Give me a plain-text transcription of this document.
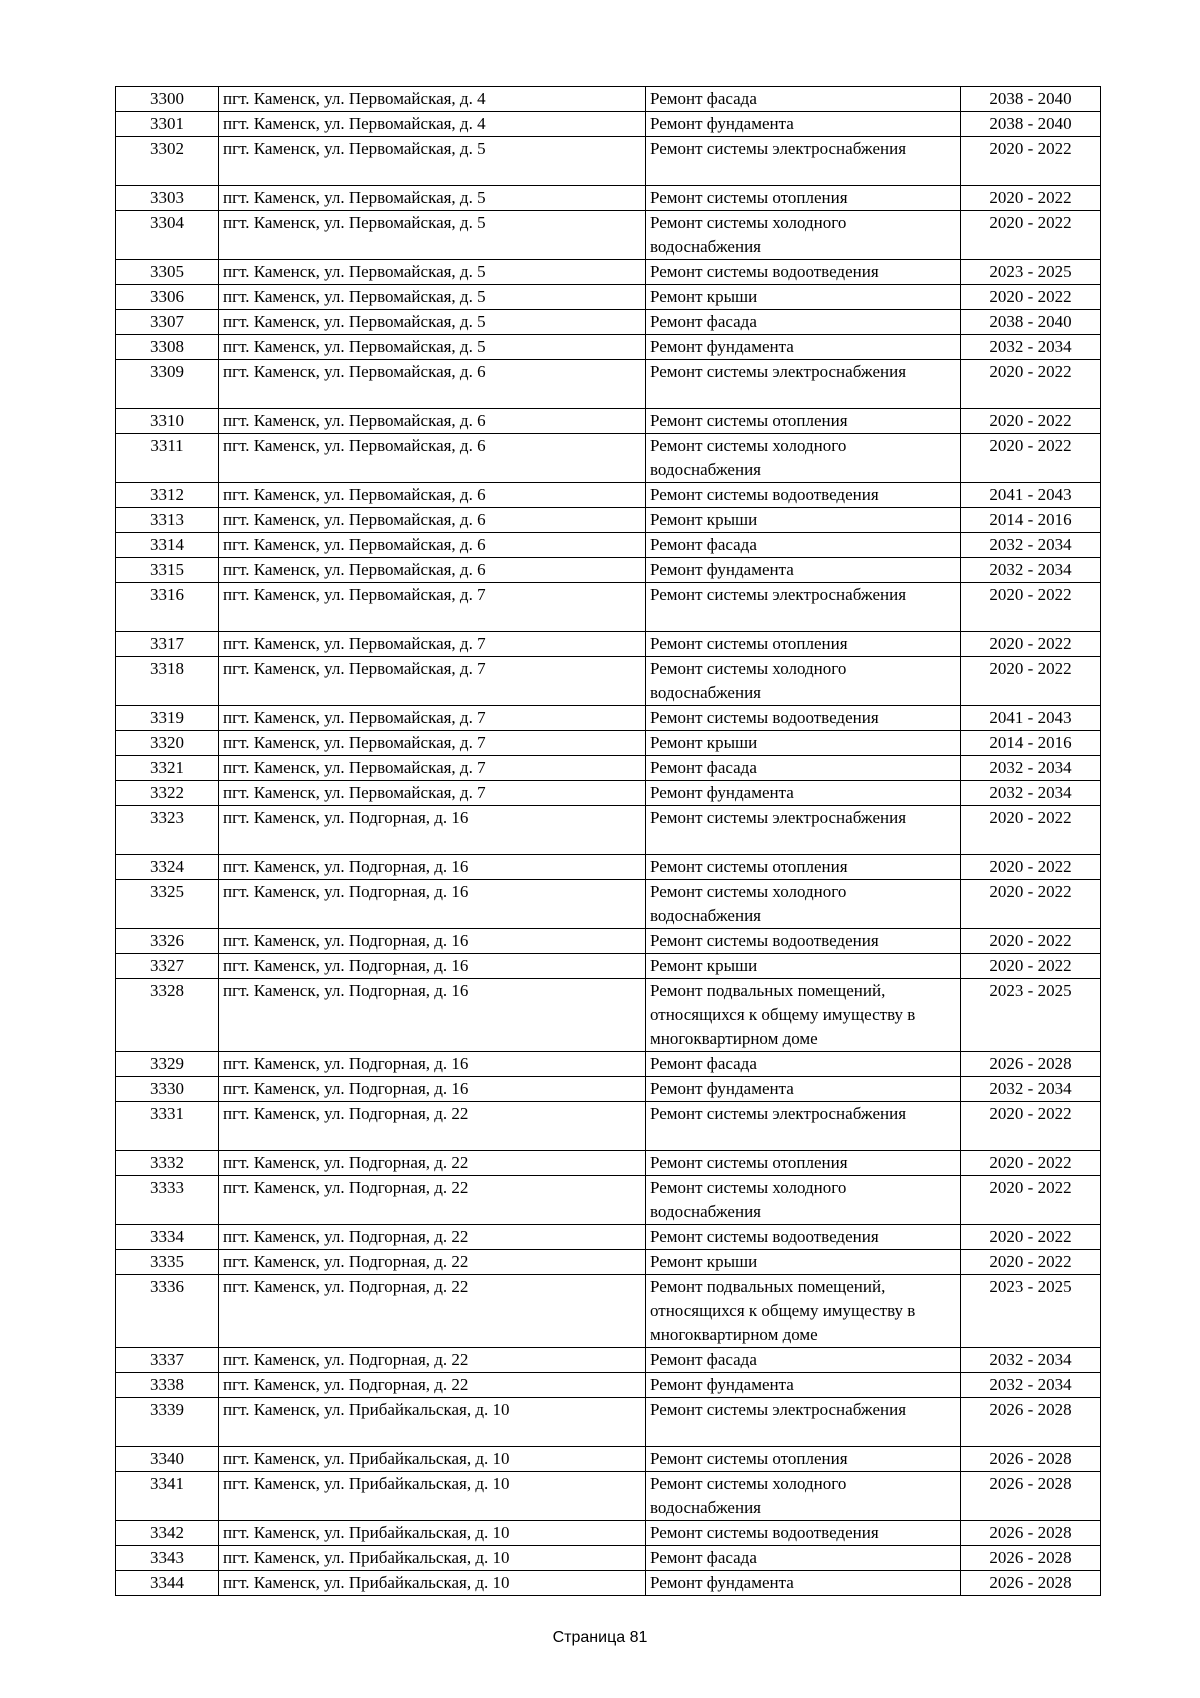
3300	пгт. Каменск, ул. Первомайская, д. 4	Ремонт фасада	2038 - 2040
3301	пгт. Каменск, ул. Первомайская, д. 4	Ремонт фундамента	2038 - 2040
3302	пгт. Каменск, ул. Первомайская, д. 5	Ремонт системы электроснабжения	2020 - 2022
3303	пгт. Каменск, ул. Первомайская, д. 5	Ремонт системы отопления	2020 - 2022
3304	пгт. Каменск, ул. Первомайская, д. 5	Ремонт системы холодного водоснабжения	2020 - 2022
3305	пгт. Каменск, ул. Первомайская, д. 5	Ремонт системы водоотведения	2023 - 2025
3306	пгт. Каменск, ул. Первомайская, д. 5	Ремонт крыши	2020 - 2022
3307	пгт. Каменск, ул. Первомайская, д. 5	Ремонт фасада	2038 - 2040
3308	пгт. Каменск, ул. Первомайская, д. 5	Ремонт фундамента	2032 - 2034
3309	пгт. Каменск, ул. Первомайская, д. 6	Ремонт системы электроснабжения	2020 - 2022
3310	пгт. Каменск, ул. Первомайская, д. 6	Ремонт системы отопления	2020 - 2022
3311	пгт. Каменск, ул. Первомайская, д. 6	Ремонт системы холодного водоснабжения	2020 - 2022
3312	пгт. Каменск, ул. Первомайская, д. 6	Ремонт системы водоотведения	2041 - 2043
3313	пгт. Каменск, ул. Первомайская, д. 6	Ремонт крыши	2014 - 2016
3314	пгт. Каменск, ул. Первомайская, д. 6	Ремонт фасада	2032 - 2034
3315	пгт. Каменск, ул. Первомайская, д. 6	Ремонт фундамента	2032 - 2034
3316	пгт. Каменск, ул. Первомайская, д. 7	Ремонт системы электроснабжения	2020 - 2022
3317	пгт. Каменск, ул. Первомайская, д. 7	Ремонт системы отопления	2020 - 2022
3318	пгт. Каменск, ул. Первомайская, д. 7	Ремонт системы холодного водоснабжения	2020 - 2022
3319	пгт. Каменск, ул. Первомайская, д. 7	Ремонт системы водоотведения	2041 - 2043
3320	пгт. Каменск, ул. Первомайская, д. 7	Ремонт крыши	2014 - 2016
3321	пгт. Каменск, ул. Первомайская, д. 7	Ремонт фасада	2032 - 2034
3322	пгт. Каменск, ул. Первомайская, д. 7	Ремонт фундамента	2032 - 2034
3323	пгт. Каменск, ул. Подгорная, д. 16	Ремонт системы электроснабжения	2020 - 2022
3324	пгт. Каменск, ул. Подгорная, д. 16	Ремонт системы отопления	2020 - 2022
3325	пгт. Каменск, ул. Подгорная, д. 16	Ремонт системы холодного водоснабжения	2020 - 2022
3326	пгт. Каменск, ул. Подгорная, д. 16	Ремонт системы водоотведения	2020 - 2022
3327	пгт. Каменск, ул. Подгорная, д. 16	Ремонт крыши	2020 - 2022
3328	пгт. Каменск, ул. Подгорная, д. 16	Ремонт подвальных помещений, относящихся к общему имуществу в многоквартирном доме	2023 - 2025
3329	пгт. Каменск, ул. Подгорная, д. 16	Ремонт фасада	2026 - 2028
3330	пгт. Каменск, ул. Подгорная, д. 16	Ремонт фундамента	2032 - 2034
3331	пгт. Каменск, ул. Подгорная, д. 22	Ремонт системы электроснабжения	2020 - 2022
3332	пгт. Каменск, ул. Подгорная, д. 22	Ремонт системы отопления	2020 - 2022
3333	пгт. Каменск, ул. Подгорная, д. 22	Ремонт системы холодного водоснабжения	2020 - 2022
3334	пгт. Каменск, ул. Подгорная, д. 22	Ремонт системы водоотведения	2020 - 2022
3335	пгт. Каменск, ул. Подгорная, д. 22	Ремонт крыши	2020 - 2022
3336	пгт. Каменск, ул. Подгорная, д. 22	Ремонт подвальных помещений, относящихся к общему имуществу в многоквартирном доме	2023 - 2025
3337	пгт. Каменск, ул. Подгорная, д. 22	Ремонт фасада	2032 - 2034
3338	пгт. Каменск, ул. Подгорная, д. 22	Ремонт фундамента	2032 - 2034
3339	пгт. Каменск, ул. Прибайкальская, д. 10	Ремонт системы электроснабжения	2026 - 2028
3340	пгт. Каменск, ул. Прибайкальская, д. 10	Ремонт системы отопления	2026 - 2028
3341	пгт. Каменск, ул. Прибайкальская, д. 10	Ремонт системы холодного водоснабжения	2026 - 2028
3342	пгт. Каменск, ул. Прибайкальская, д. 10	Ремонт системы водоотведения	2026 - 2028
3343	пгт. Каменск, ул. Прибайкальская, д. 10	Ремонт фасада	2026 - 2028
3344	пгт. Каменск, ул. Прибайкальская, д. 10	Ремонт фундамента	2026 - 2028
Страница 81
